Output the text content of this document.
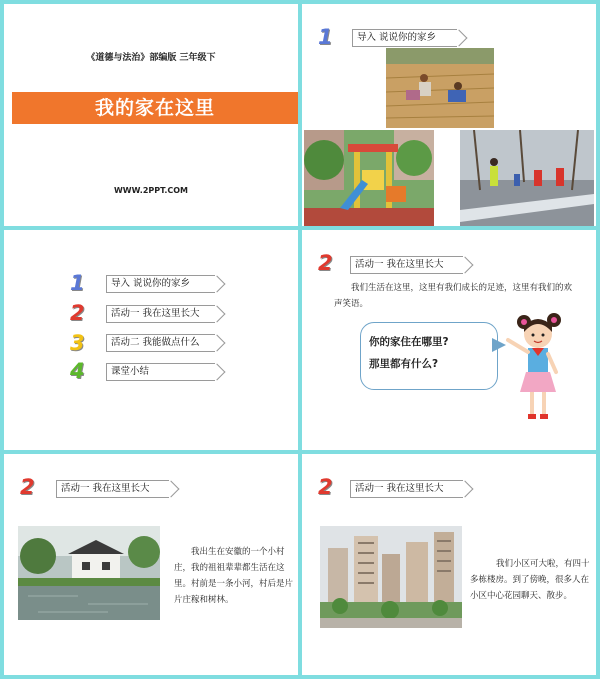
《道德与法治》部编版 三年级下
我的家在这里
WWW.2PPT.COM
1	导入 说说你的家乡
1	导入 说说你的家乡
2	活动一 我在这里长大
3	活动二 我能做点什么
4	课堂小结
2	活动一 我在这里长大
我们生活在这里，这里有我们成长的足迹，这里有我们的欢声笑语。

你的家住在哪里?

那里都有什么?

2	活动一 我在这里长大
我出生在安徽的一个小村庄，我的祖祖辈辈都生活在这里。村前是一条小河，村后是片片庄稼和树林。
2	活动一 我在这里长大
我们小区可大啦，有四十多栋楼房。到了傍晚，很多人在小区中心花园聊天、散步。
